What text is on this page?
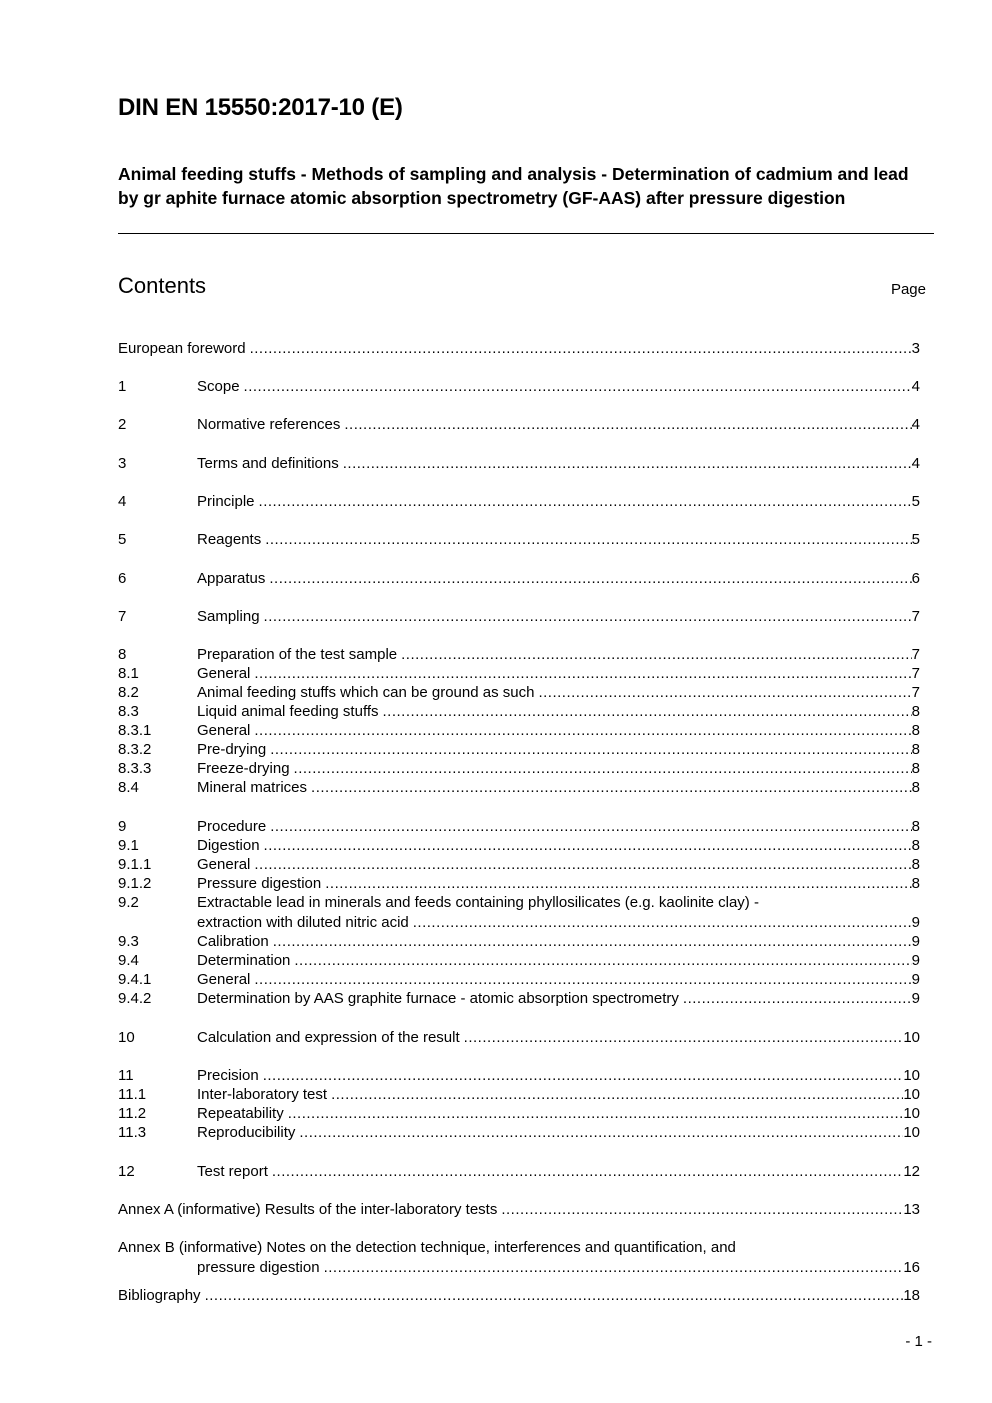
DIN EN 15550:2017-10 (E)
Animal feeding stuffs - Methods of sampling and analysis - Determination of cadmium and lead by gr aphite furnace atomic absorption spectrometry (GF-AAS) after pressure digestion
Contents	Page
European foreword .....	3
1	Scope .....	4
2	Normative references .....	4
3	Terms and definitions .....	4
4	Principle .....	5
5	Reagents .....	5
6	Apparatus .....	6
7	Sampling .....	7
8	Preparation of the test sample .....	7
8.1	General .....	7
8.2	Animal feeding stuffs which can be ground as such .....	7
8.3	Liquid animal feeding stuffs .....	8
8.3.1	General .....	8
8.3.2	Pre-drying .....	8
8.3.3	Freeze-drying .....	8
8.4	Mineral matrices .....	8
9	Procedure .....	8
9.1	Digestion .....	8
9.1.1	General .....	8
9.1.2	Pressure digestion .....	8
9.2	Extractable lead in minerals and feeds containing phyllosilicates (e.g. kaolinite clay) -
extraction with diluted nitric acid .....	9
9.3	Calibration .....	9
9.4	Determination .....	9
9.4.1	General .....	9
9.4.2	Determination by AAS graphite furnace - atomic absorption spectrometry .....	9
10	Calculation and expression of the result .....	10
11	Precision .....	10
11.1	Inter-laboratory test .....	10
11.2	Repeatability .....	10
11.3	Reproducibility .....	10
12	Test report .....	12
Annex A (informative) Results of the inter-laboratory tests .....	13
Annex B (informative) Notes on the detection technique, interferences and quantification, and
pressure digestion .....	16
Bibliography .....	18
- 1 -
